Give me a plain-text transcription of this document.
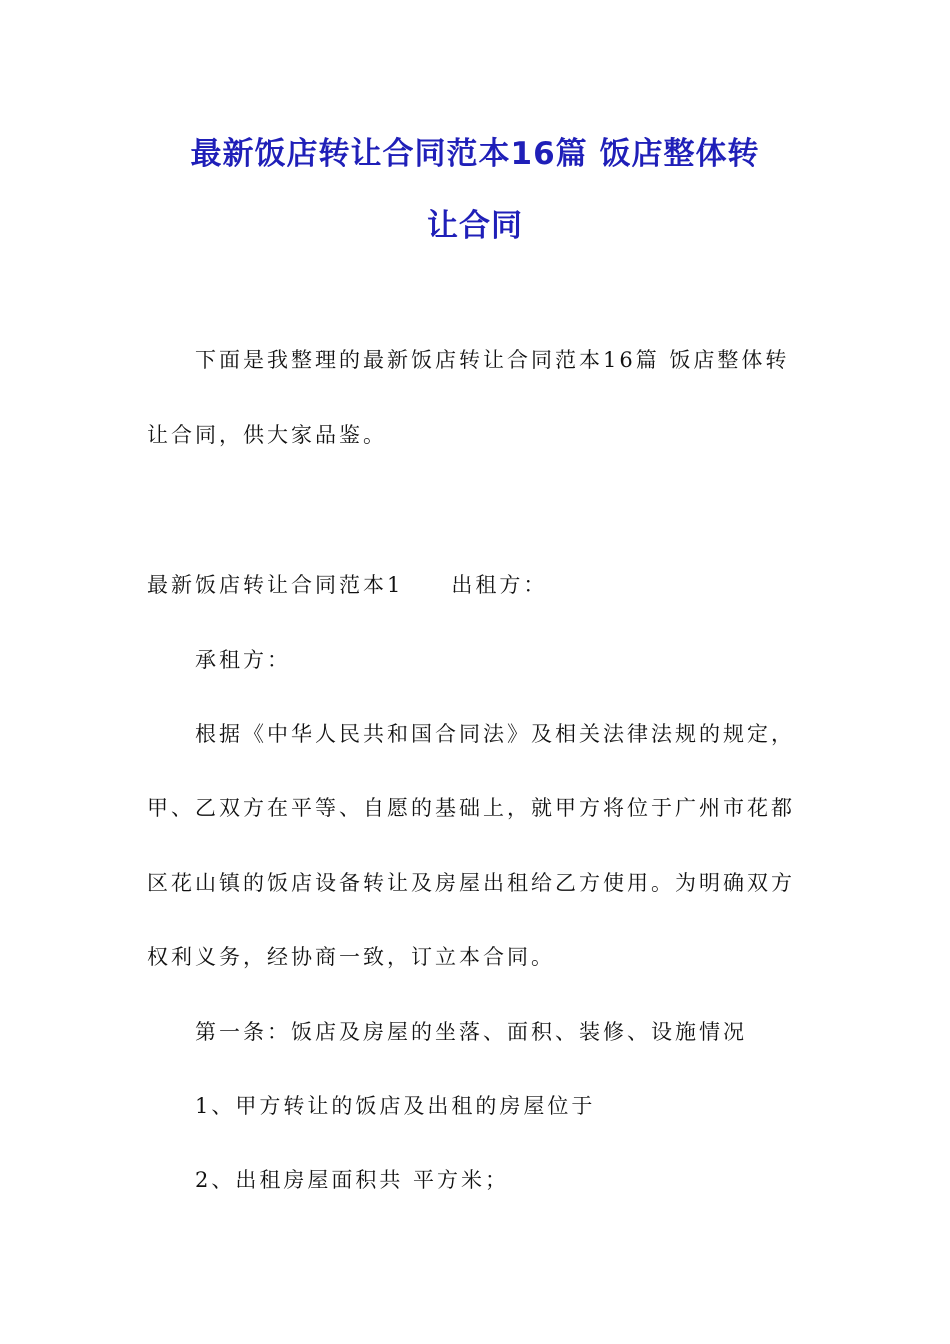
最新饭店转让合同范本16篇 饭店整体转
让合同

下面是我整理的最新饭店转让合同范本16篇 饭店整体转

让合同，供大家品鉴。

最新饭店转让合同范本1 出租方：

承租方：

根据《中华人民共和国合同法》及相关法律法规的规定，

甲、乙双方在平等、自愿的基础上，就甲方将位于广州市花都

区花山镇的饭店设备转让及房屋出租给乙方使用。为明确双方

权利义务，经协商一致，订立本合同。

第一条：饭店及房屋的坐落、面积、装修、设施情况

1、甲方转让的饭店及出租的房屋位于

2、出租房屋面积共 平方米；
